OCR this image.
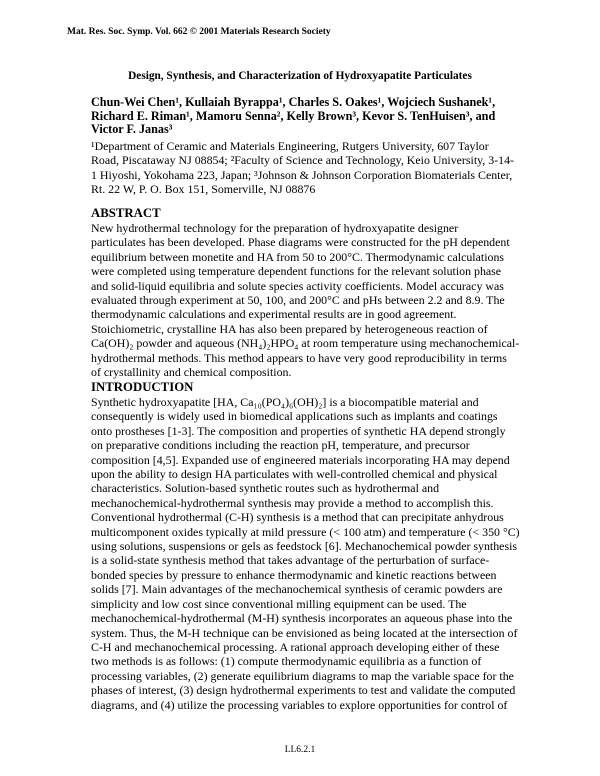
Mat. Res. Soc. Symp. Vol. 662 © 2001 Materials Research Society
Design, Synthesis, and Characterization of Hydroxyapatite Particulates
Chun-Wei Chen¹, Kullaiah Byrappa¹, Charles S. Oakes¹, Wojciech Sushanek¹,
Richard E. Riman¹, Mamoru Senna², Kelly Brown³, Kevor S. TenHuisen³, and
Victor F. Janas³
¹Department of Ceramic and Materials Engineering, Rutgers University, 607 Taylor
Road, Piscataway NJ 08854; ²Faculty of Science and Technology, Keio University, 3-14-
1 Hiyoshi, Yokohama 223, Japan; ³Johnson & Johnson Corporation Biomaterials Center,
Rt. 22 W, P. O. Box 151, Somerville, NJ 08876
ABSTRACT
New hydrothermal technology for the preparation of hydroxyapatite designer
particulates has been developed. Phase diagrams were constructed for the pH dependent
equilibrium between monetite and HA from 50 to 200°C. Thermodynamic calculations
were completed using temperature dependent functions for the relevant solution phase
and solid-liquid equilibria and solute species activity coefficients. Model accuracy was
evaluated through experiment at 50, 100, and 200°C and pHs between 2.2 and 8.9. The
thermodynamic calculations and experimental results are in good agreement.
Stoichiometric, crystalline HA has also been prepared by heterogeneous reaction of
Ca(OH)₂ powder and aqueous (NH₄)₂HPO₄ at room temperature using mechanochemical-
hydrothermal methods. This method appears to have very good reproducibility in terms
of crystallinity and chemical composition.
INTRODUCTION
Synthetic hydroxyapatite [HA, Ca₁₀(PO₄)₆(OH)₂] is a biocompatible material and
consequently is widely used in biomedical applications such as implants and coatings
onto prostheses [1-3]. The composition and properties of synthetic HA depend strongly
on preparative conditions including the reaction pH, temperature, and precursor
composition [4,5]. Expanded use of engineered materials incorporating HA may depend
upon the ability to design HA particulates with well-controlled chemical and physical
characteristics. Solution-based synthetic routes such as hydrothermal and
mechanochemical-hydrothermal synthesis may provide a method to accomplish this.
Conventional hydrothermal (C-H) synthesis is a method that can precipitate anhydrous
multicomponent oxides typically at mild pressure (< 100 atm) and temperature (< 350 °C)
using solutions, suspensions or gels as feedstock [6]. Mechanochemical powder synthesis
is a solid-state synthesis method that takes advantage of the perturbation of surface-
bonded species by pressure to enhance thermodynamic and kinetic reactions between
solids [7]. Main advantages of the mechanochemical synthesis of ceramic powders are
simplicity and low cost since conventional milling equipment can be used. The
mechanochemical-hydrothermal (M-H) synthesis incorporates an aqueous phase into the
system. Thus, the M-H technique can be envisioned as being located at the intersection of
C-H and mechanochemical processing. A rational approach developing either of these
two methods is as follows: (1) compute thermodynamic equilibria as a function of
processing variables, (2) generate equilibrium diagrams to map the variable space for the
phases of interest, (3) design hydrothermal experiments to test and validate the computed
diagrams, and (4) utilize the processing variables to explore opportunities for control of
LL6.2.1
